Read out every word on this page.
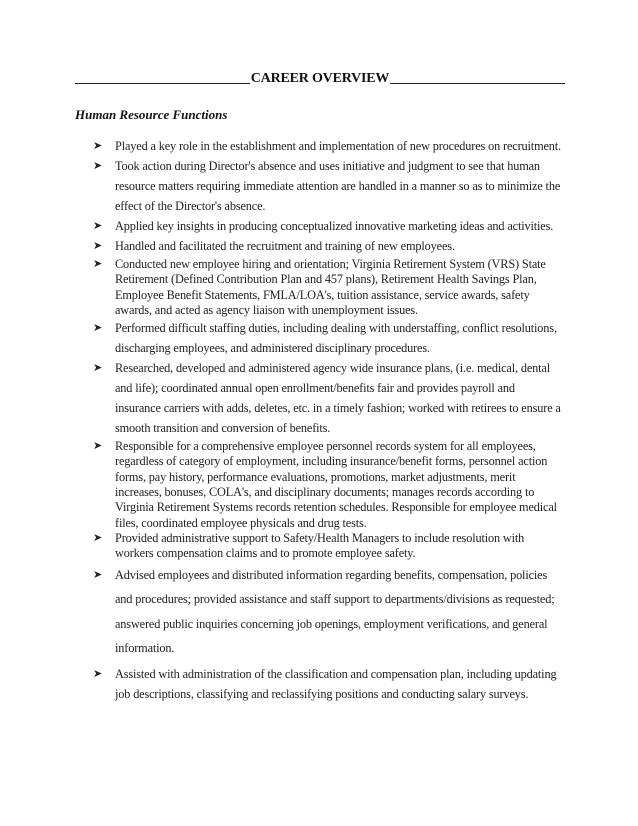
CAREER OVERVIEW
Human Resource Functions
➤ Played a key role in the establishment and implementation of new procedures on recruitment.
➤ Took action during Director's absence and uses initiative and judgment to see that human resource matters requiring immediate attention are handled in a manner so as to minimize the effect of the Director's absence.
➤ Applied key insights in producing conceptualized innovative marketing ideas and activities.
➤ Handled and facilitated the recruitment and training of new employees.
➤ Conducted new employee hiring and orientation; Virginia Retirement System (VRS) State Retirement (Defined Contribution Plan and 457 plans), Retirement Health Savings Plan, Employee Benefit Statements, FMLA/LOA's, tuition assistance, service awards, safety awards, and acted as agency liaison with unemployment issues.
➤ Performed difficult staffing duties, including dealing with understaffing, conflict resolutions, discharging employees, and administered disciplinary procedures.
➤ Researched, developed and administered agency wide insurance plans, (i.e. medical, dental and life); coordinated annual open enrollment/benefits fair and provides payroll and insurance carriers with adds, deletes, etc. in a timely fashion; worked with retirees to ensure a smooth transition and conversion of benefits.
➤ Responsible for a comprehensive employee personnel records system for all employees, regardless of category of employment, including insurance/benefit forms, personnel action forms, pay history, performance evaluations, promotions, market adjustments, merit increases, bonuses, COLA's, and disciplinary documents; manages records according to Virginia Retirement Systems records retention schedules. Responsible for employee medical files, coordinated employee physicals and drug tests.
➤ Provided administrative support to Safety/Health Managers to include resolution with workers compensation claims and to promote employee safety.
➤ Advised employees and distributed information regarding benefits, compensation, policies and procedures; provided assistance and staff support to departments/divisions as requested; answered public inquiries concerning job openings, employment verifications, and general information.
➤ Assisted with administration of the classification and compensation plan, including updating job descriptions, classifying and reclassifying positions and conducting salary surveys.
